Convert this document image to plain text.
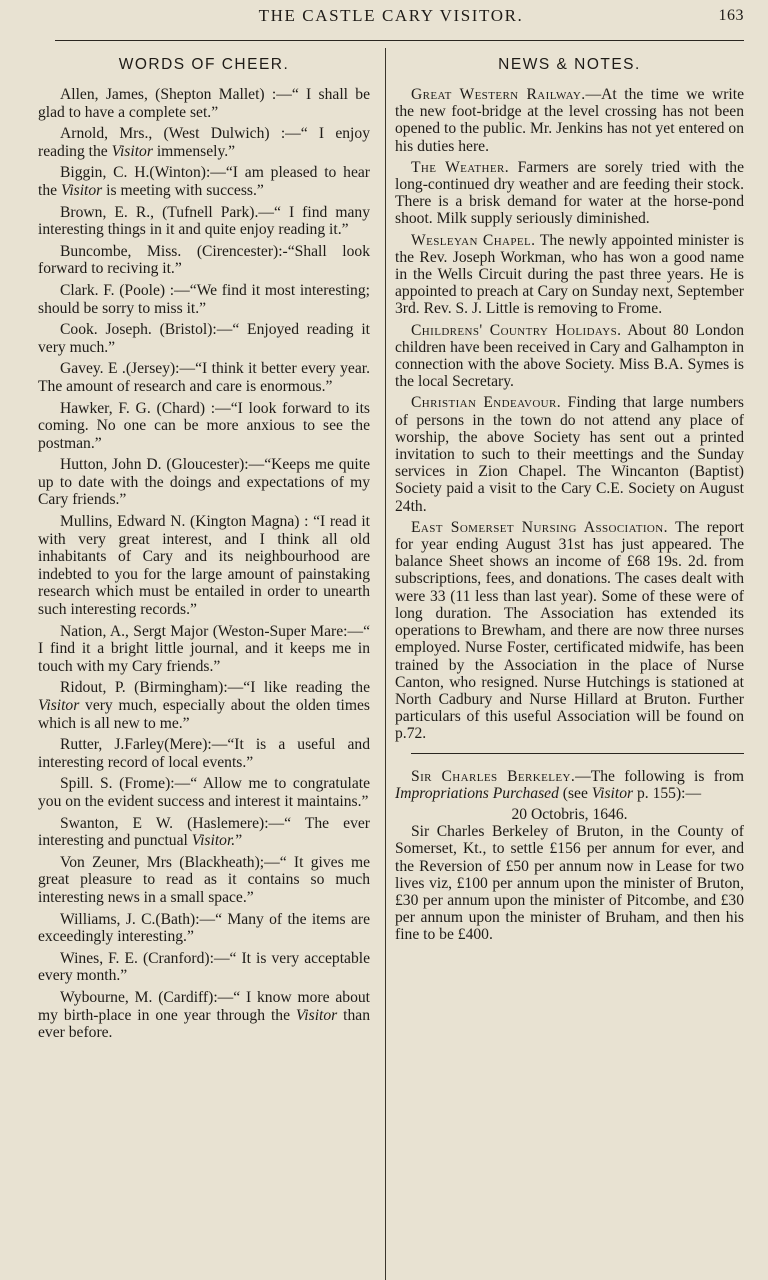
THE CASTLE CARY VISITOR.	163
WORDS OF CHEER.

Allen, James, (Shepton Mallet) :—“ I shall be glad to have a complete set.”

Arnold, Mrs., (West Dulwich) :—“ I enjoy reading the Visitor immensely.”

Biggin, C. H.(Winton):—“I am pleased to hear the Visitor is meeting with success.”

Brown, E. R., (Tufnell Park).—“ I find many interesting things in it and quite enjoy reading it.”

Buncombe, Miss. (Cirencester):-“Shall look forward to reciving it.”

Clark. F. (Poole) :—“We find it most interesting; should be sorry to miss it.”

Cook. Joseph. (Bristol):—“ Enjoyed reading it very much.”

Gavey. E .(Jersey):—“I think it better every year. The amount of research and care is enormous.”

Hawker, F. G. (Chard) :—“I look forward to its coming. No one can be more anxious to see the postman.”

Hutton, John D. (Gloucester):—“Keeps me quite up to date with the doings and expectations of my Cary friends.”

Mullins, Edward N. (Kington Magna) : “I read it with very great interest, and I think all old inhabitants of Cary and its neighbourhood are indebted to you for the large amount of painstaking research which must be entailed in order to unearth such interesting records.”

Nation, A., Sergt Major (Weston-Super Mare:—“ I find it a bright little journal, and it keeps me in touch with my Cary friends.”

Ridout, P. (Birmingham):—“I like reading the Visitor very much, especially about the olden times which is all new to me.”

Rutter, J.Farley(Mere):—“It is a useful and interesting record of local events.”

Spill. S. (Frome):—“ Allow me to congratulate you on the evident success and interest it maintains.”

Swanton, E W. (Haslemere):—“ The ever interesting and punctual Visitor.”

Von Zeuner, Mrs (Blackheath);—“ It gives me great pleasure to read as it contains so much interesting news in a small space.”

Williams, J. C.(Bath):—“ Many of the items are exceedingly interesting.”

Wines, F. E. (Cranford):—“ It is very acceptable every month.”

Wybourne, M. (Cardiff):—“ I know more about my birth-place in one year through the Visitor than ever before.

NEWS & NOTES.

Great Western Railway.—At the time we write the new foot-bridge at the level crossing has not been opened to the public. Mr. Jenkins has not yet entered on his duties here.

The Weather. Farmers are sorely tried with the long-continued dry weather and are feeding their stock. There is a brisk demand for water at the horse-pond shoot. Milk supply seriously diminished.

Wesleyan Chapel. The newly appointed minister is the Rev. Joseph Workman, who has won a good name in the Wells Circuit during the past three years. He is appointed to preach at Cary on Sunday next, September 3rd. Rev. S. J. Little is removing to Frome.

Childrens' Country Holidays. About 80 London children have been received in Cary and Galhampton in connection with the above Society. Miss B.A. Symes is the local Secretary.

Christian Endeavour. Finding that large numbers of persons in the town do not attend any place of worship, the above Society has sent out a printed invitation to such to their meettings and the Sunday services in Zion Chapel. The Wincanton (Baptist) Society paid a visit to the Cary C.E. Society on August 24th.

East Somerset Nursing Association. The report for year ending August 31st has just appeared. The balance Sheet shows an income of £68 19s. 2d. from subscriptions, fees, and donations. The cases dealt with were 33 (11 less than last year). Some of these were of long duration. The Association has extended its operations to Brewham, and there are now three nurses employed. Nurse Foster, certificated midwife, has been trained by the Association in the place of Nurse Canton, who resigned. Nurse Hutchings is stationed at North Cadbury and Nurse Hillard at Bruton. Further particulars of this useful Association will be found on p.72.

Sir Charles Berkeley.—The following is from Impropriations Purchased (see Visitor p. 155):—

20 Octobris, 1646.

Sir Charles Berkeley of Bruton, in the County of Somerset, Kt., to settle £156 per annum for ever, and the Reversion of £50 per annum now in Lease for two lives viz, £100 per annum upon the minister of Bruton, £30 per annum upon the minister of Pitcombe, and £30 per annum upon the minister of Bruham, and then his fine to be £400.
